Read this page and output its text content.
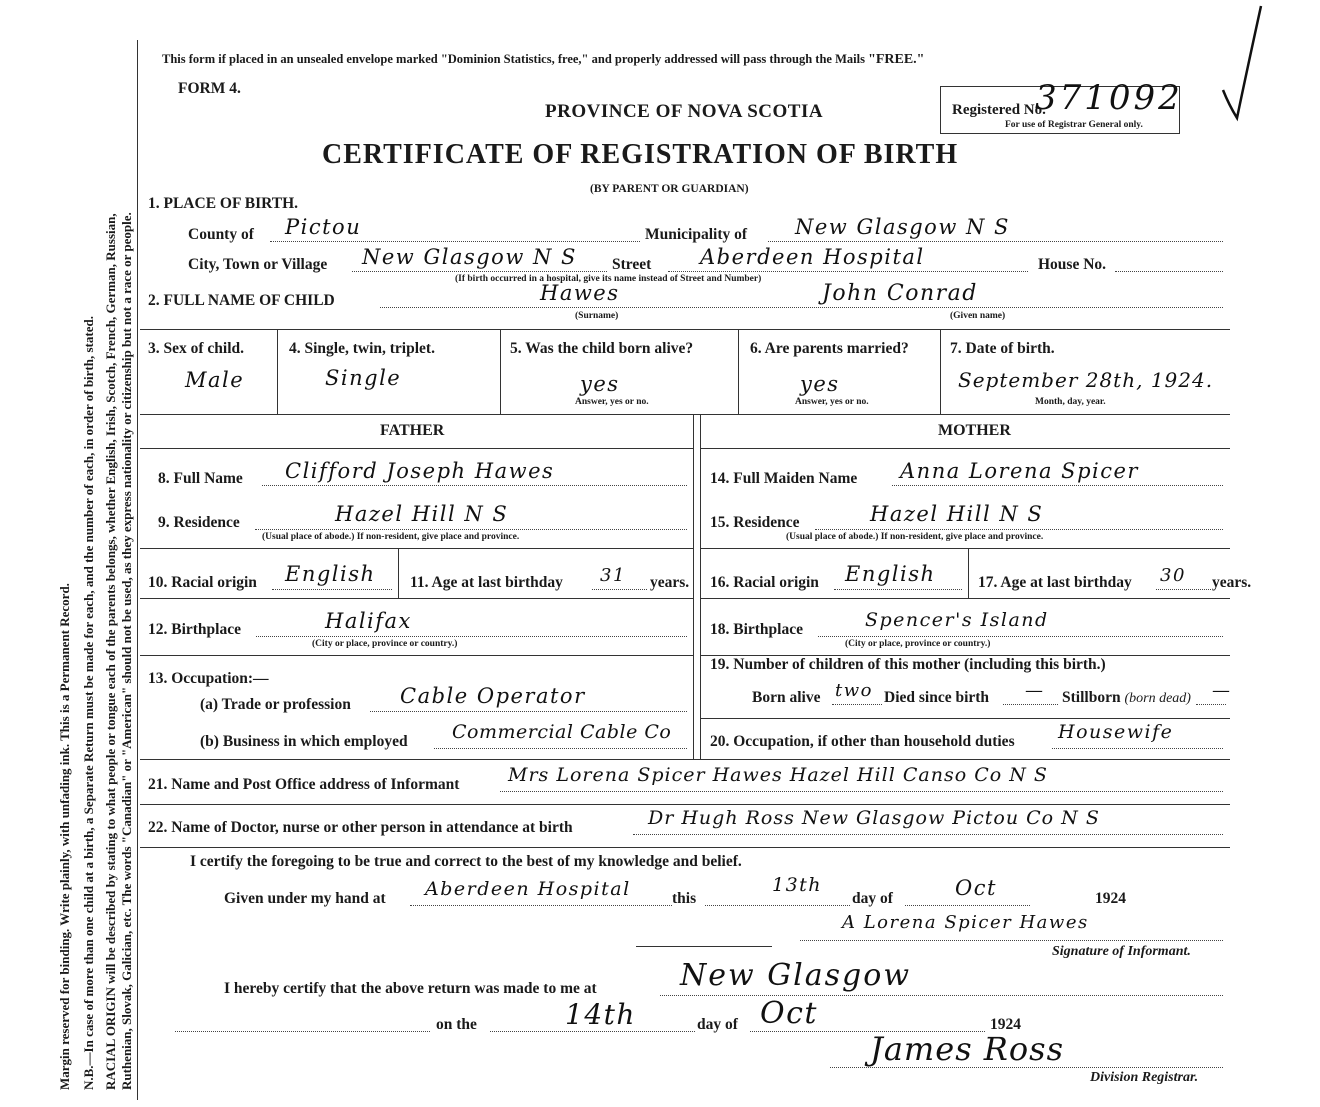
Margin reserved for binding. Write plainly, with unfading ink. This is a Permanent Record. N.B.—In case of more than one child at a birth, a Separate Return must be made for each, and the number of each, in order of birth, stated. RACIAL ORIGIN will be described by stating to what people or tongue each of the parents belongs, whether English, Irish, Scotch, French, German, Russian, Ruthenian, Slovak, Galician, etc. The words "Canadian" or "American" should not be used, as they express nationality or citizenship but not a race or people.
This form if placed in an unsealed envelope marked "Dominion Statistics, free," and properly addressed will pass through the Mails "FREE."
FORM 4.
PROVINCE OF NOVA SCOTIA
CERTIFICATE OF REGISTRATION OF BIRTH
(BY PARENT OR GUARDIAN)
Registered No.
371092
For use of Registrar General only.
1. PLACE OF BIRTH.
County of Pictou	Municipality of New Glasgow N S
City, Town or Village New Glasgow N S Street Aberdeen Hospital	House No.
(If birth occurred in a hospital, give its name instead of Street and Number)
2. FULL NAME OF CHILD	Hawes
(Surname)
John Conrad
(Given name)
3. Sex of child.
Male
4. Single, twin, triplet.
Single
5. Was the child born alive?
yes
Answer, yes or no.
6. Are parents married?
yes
Answer, yes or no.
7. Date of birth.
September 28th, 1924.
Month, day, year.
FATHER	MOTHER
8. Full Name Clifford Joseph Hawes
9. Residence	Hazel Hill N S
(Usual place of abode.) If non-resident, give place and province.
10. Racial origin English 11. Age at last birthday 31 years.
12. Birthplace	Halifax
(City or place, province or country.)
13. Occupation:—
(a) Trade or profession Cable Operator
(b) Business in which employed Commercial Cable Co
14. Full Maiden Name Anna Lorena Spicer
15. Residence	Hazel Hill N S
(Usual place of abode.) If non-resident, give place and province.
16. Racial origin English	17. Age at last birthday 30 years.
18. Birthplace	Spencer's Island
(City or place, province or country.)
19. Number of children of this mother (including this birth.)
Born alive two Died since birth — Stillborn (born dead) —
20. Occupation, if other than household duties Housewife
21. Name and Post Office address of Informant	Mrs Lorena Spicer Hawes Hazel Hill Canso Co N S
22. Name of Doctor, nurse or other person in attendance at birth	Dr Hugh Ross New Glasgow Pictou Co N S
I certify the foregoing to be true and correct to the best of my knowledge and belief.
Given under my hand at Aberdeen Hospital	this
13th
day of	Oct	1924
A Lorena Spicer Hawes
Signature of Informant.
I hereby certify that the above return was made to me at	New Glasgow
on the	14th	day of Oct	1924
James Ross
Division Registrar.
